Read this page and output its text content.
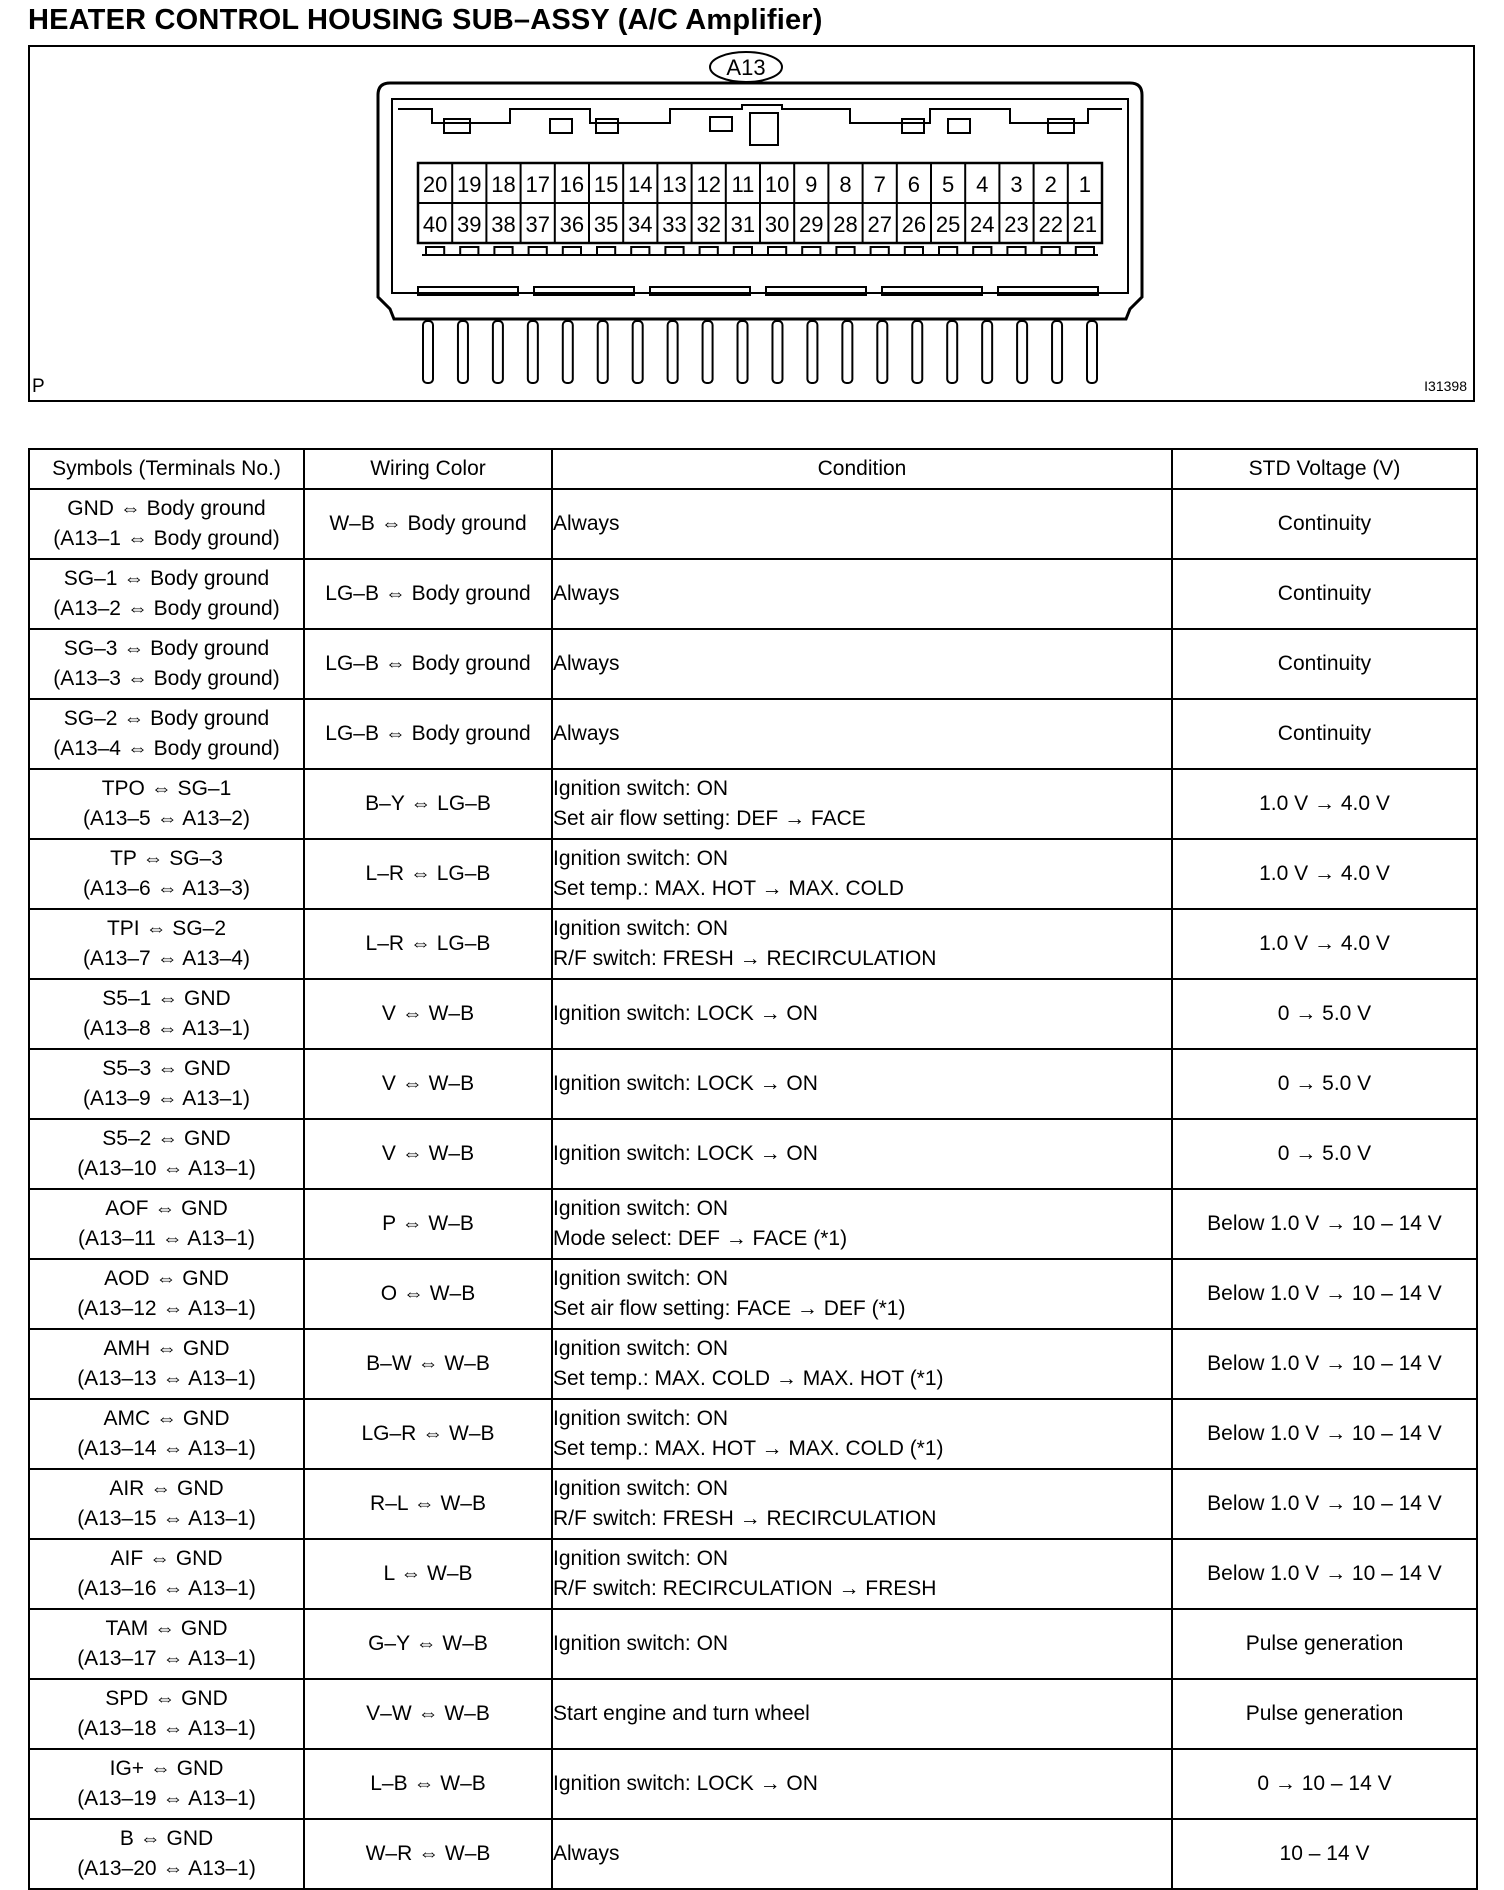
HEATER CONTROL HOUSING SUB–ASSY (A/C Amplifier)
20 19 18 17 16 15 14 13 12 11 10 9 8 7 6 5 4 3 2 1
40 39 38 37 36 35 34 33 32 31 30 29 28 27 26 25 24 23 22 21
A13
P	I31398
Symbols (Terminals No.)	Wiring Color	Condition	STD Voltage (V)

GND ⇔ Body ground
(A13–1 ⇔ Body ground)	W–B ⇔ Body ground	Always	Continuity

SG–1 ⇔ Body ground
(A13–2 ⇔ Body ground)	LG–B ⇔ Body ground	Always	Continuity

SG–3 ⇔ Body ground
(A13–3 ⇔ Body ground)	LG–B ⇔ Body ground	Always	Continuity

SG–2 ⇔ Body ground
(A13–4 ⇔ Body ground)	LG–B ⇔ Body ground	Always	Continuity

TPO ⇔ SG–1
(A13–5 ⇔ A13–2)	B–Y ⇔ LG–B	Ignition switch: ON
Set air flow setting: DEF → FACE	1.0 V → 4.0 V

TP ⇔ SG–3
(A13–6 ⇔ A13–3)	L–R ⇔ LG–B	Ignition switch: ON
Set temp.: MAX. HOT → MAX. COLD	1.0 V → 4.0 V

TPI ⇔ SG–2
(A13–7 ⇔ A13–4)	L–R ⇔ LG–B	Ignition switch: ON
R/F switch: FRESH → RECIRCULATION	1.0 V → 4.0 V

S5–1 ⇔ GND
(A13–8 ⇔ A13–1)	V ⇔ W–B	Ignition switch: LOCK → ON	0 → 5.0 V

S5–3 ⇔ GND
(A13–9 ⇔ A13–1)	V ⇔ W–B	Ignition switch: LOCK → ON	0 → 5.0 V

S5–2 ⇔ GND
(A13–10 ⇔ A13–1)	V ⇔ W–B	Ignition switch: LOCK → ON	0 → 5.0 V

AOF ⇔ GND
(A13–11 ⇔ A13–1)	P ⇔ W–B	Ignition switch: ON
Mode select: DEF → FACE (*1)	Below 1.0 V → 10 – 14 V

AOD ⇔ GND
(A13–12 ⇔ A13–1)	O ⇔ W–B	Ignition switch: ON
Set air flow setting: FACE → DEF (*1)	Below 1.0 V → 10 – 14 V

AMH ⇔ GND
(A13–13 ⇔ A13–1)	B–W ⇔ W–B	Ignition switch: ON
Set temp.: MAX. COLD → MAX. HOT (*1)	Below 1.0 V → 10 – 14 V

AMC ⇔ GND
(A13–14 ⇔ A13–1)	LG–R ⇔ W–B	Ignition switch: ON
Set temp.: MAX. HOT → MAX. COLD (*1)	Below 1.0 V → 10 – 14 V

AIR ⇔ GND
(A13–15 ⇔ A13–1)	R–L ⇔ W–B	Ignition switch: ON
R/F switch: FRESH → RECIRCULATION	Below 1.0 V → 10 – 14 V

AIF ⇔ GND
(A13–16 ⇔ A13–1)	L ⇔ W–B	Ignition switch: ON
R/F switch: RECIRCULATION → FRESH	Below 1.0 V → 10 – 14 V

TAM ⇔ GND
(A13–17 ⇔ A13–1)	G–Y ⇔ W–B	Ignition switch: ON	Pulse generation

SPD ⇔ GND
(A13–18 ⇔ A13–1)	V–W ⇔ W–B	Start engine and turn wheel	Pulse generation

IG+ ⇔ GND
(A13–19 ⇔ A13–1)	L–B ⇔ W–B	Ignition switch: LOCK → ON	0 → 10 – 14 V

B ⇔ GND
(A13–20 ⇔ A13–1)	W–R ⇔ W–B	Always	10 – 14 V
